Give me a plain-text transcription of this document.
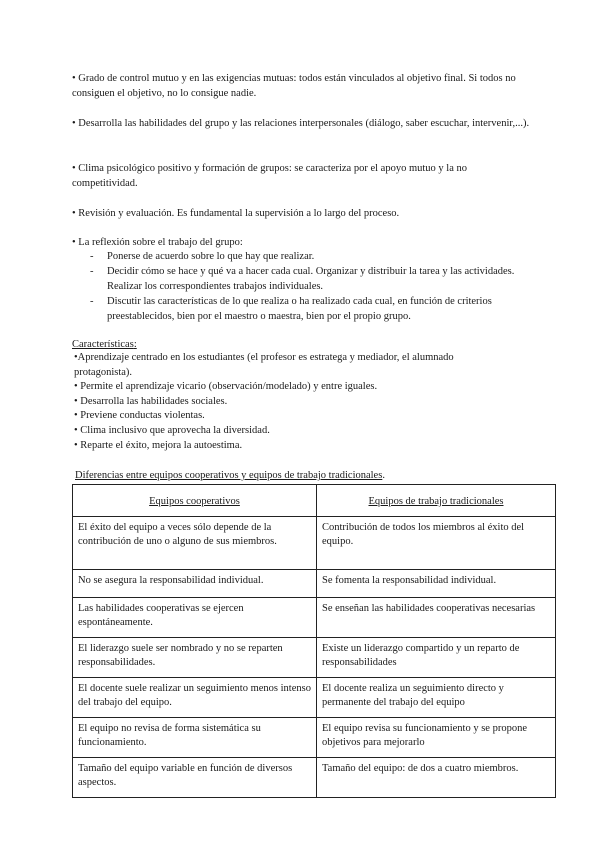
• Grado de control mutuo y en las exigencias mutuas: todos están vinculados al objetivo final. Si todos no consiguen el objetivo, no lo consigue nadie.

• Desarrolla las habilidades del grupo y las relaciones interpersonales (diálogo, saber escuchar, intervenir,...).

• Clima psicológico positivo y formación de grupos: se caracteriza por el apoyo mutuo y la no competitividad.

• Revisión y evaluación. Es fundamental la supervisión a lo largo del proceso.

• La reflexión sobre el trabajo del grupo:

-	Ponerse de acuerdo sobre lo que hay que realizar.
-	Decidir cómo se hace y qué va a hacer cada cual. Organizar y distribuir la tarea y las actividades. Realizar los correspondientes trabajos individuales.
-	Discutir las características de lo que realiza o ha realizado cada cual, en función de criterios preestablecidos, bien por el maestro o maestra, bien por el propio grupo.

Características:

•Aprendizaje centrado en los estudiantes (el profesor es estratega y mediador, el alumnado protagonista).
• Permite el aprendizaje vicario (observación/modelado) y entre iguales.
• Desarrolla las habilidades sociales.
• Previene conductas violentas.
• Clima inclusivo que aprovecha la diversidad.
• Reparte el éxito, mejora la autoestima.

Diferencias entre equipos cooperativos y equipos de trabajo tradicionales.

Equipos cooperativos	Equipos de trabajo tradicionales
El éxito del equipo a veces sólo depende de la contribución de uno o alguno de sus miembros.	Contribución de todos los miembros al éxito del equipo.
No se asegura la responsabilidad individual.	Se fomenta la responsabilidad individual.
Las habilidades cooperativas se ejercen espontáneamente.	Se enseñan las habilidades cooperativas necesarias
El liderazgo suele ser nombrado y no se reparten responsabilidades.	Existe un liderazgo compartido y un reparto de responsabilidades
El docente suele realizar un seguimiento menos intenso del trabajo del equipo.	El docente realiza un seguimiento directo y permanente del trabajo del equipo
El equipo no revisa de forma sistemática su funcionamiento.	El equipo revisa su funcionamiento y se propone objetivos para mejorarlo
Tamaño del equipo variable en función de diversos aspectos.	Tamaño del equipo: de dos a cuatro miembros.
